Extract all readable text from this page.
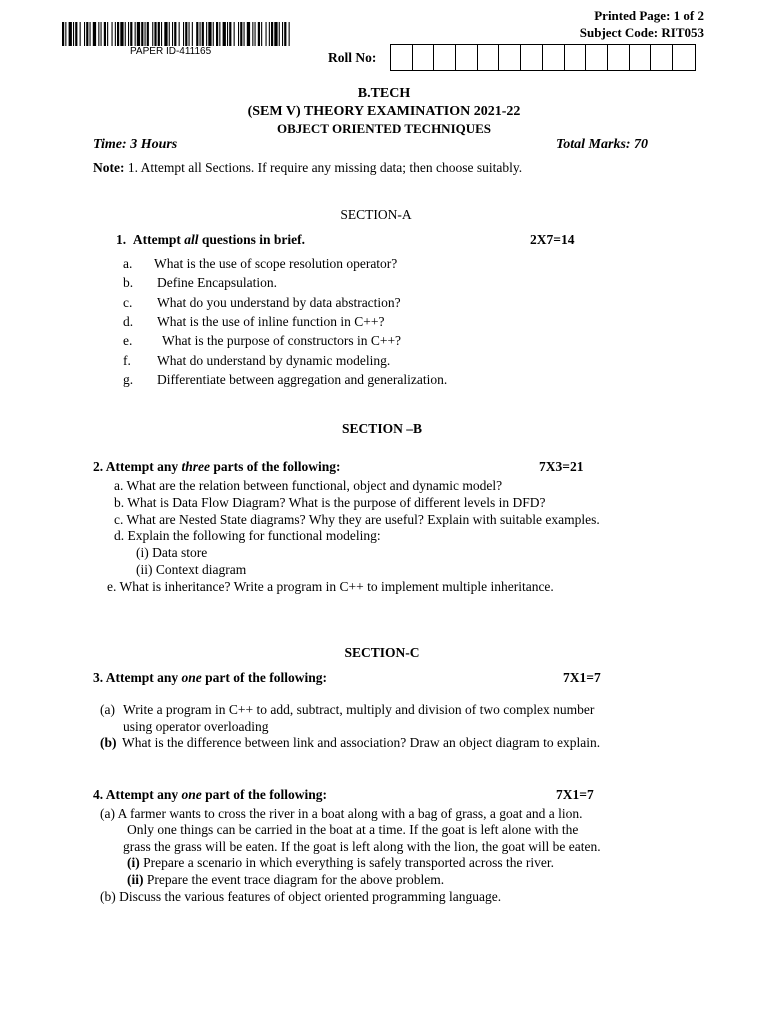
PAPER ID-411165
Printed Page: 1 of 2
Subject Code: RIT053
Roll No:
B.TECH
(SEM V) THEORY EXAMINATION 2021-22
OBJECT ORIENTED TECHNIQUES
Time: 3 Hours	Total Marks: 70
Note: 1. Attempt all Sections. If require any missing data; then choose suitably.
SECTION-A
1. Attempt all questions in brief.	2X7=14
a. What is the use of scope resolution operator?
b. Define Encapsulation.
c. What do you understand by data abstraction?
d. What is the use of inline function in C++?
e. What is the purpose of constructors in C++?
f. What do understand by dynamic modeling.
g. Differentiate between aggregation and generalization.
SECTION –B
2. Attempt any three parts of the following:	7X3=21
a. What are the relation between functional, object and dynamic model?
b. What is Data Flow Diagram? What is the purpose of different levels in DFD?
c. What are Nested State diagrams? Why they are useful? Explain with suitable examples.
d. Explain the following for functional modeling:
(i) Data store
(ii) Context diagram
e. What is inheritance? Write a program in C++ to implement multiple inheritance.
SECTION-C
3. Attempt any one part of the following:	7X1=7
(a) Write a program in C++ to add, subtract, multiply and division of two complex number
using operator overloading
(b) What is the difference between link and association? Draw an object diagram to explain.
4. Attempt any one part of the following:	7X1=7
(a) A farmer wants to cross the river in a boat along with a bag of grass, a goat and a lion.
Only one things can be carried in the boat at a time. If the goat is left alone with the
grass the grass will be eaten. If the goat is left along with the lion, the goat will be eaten.
(i) Prepare a scenario in which everything is safely transported across the river.
(ii) Prepare the event trace diagram for the above problem.
(b) Discuss the various features of object oriented programming language.
